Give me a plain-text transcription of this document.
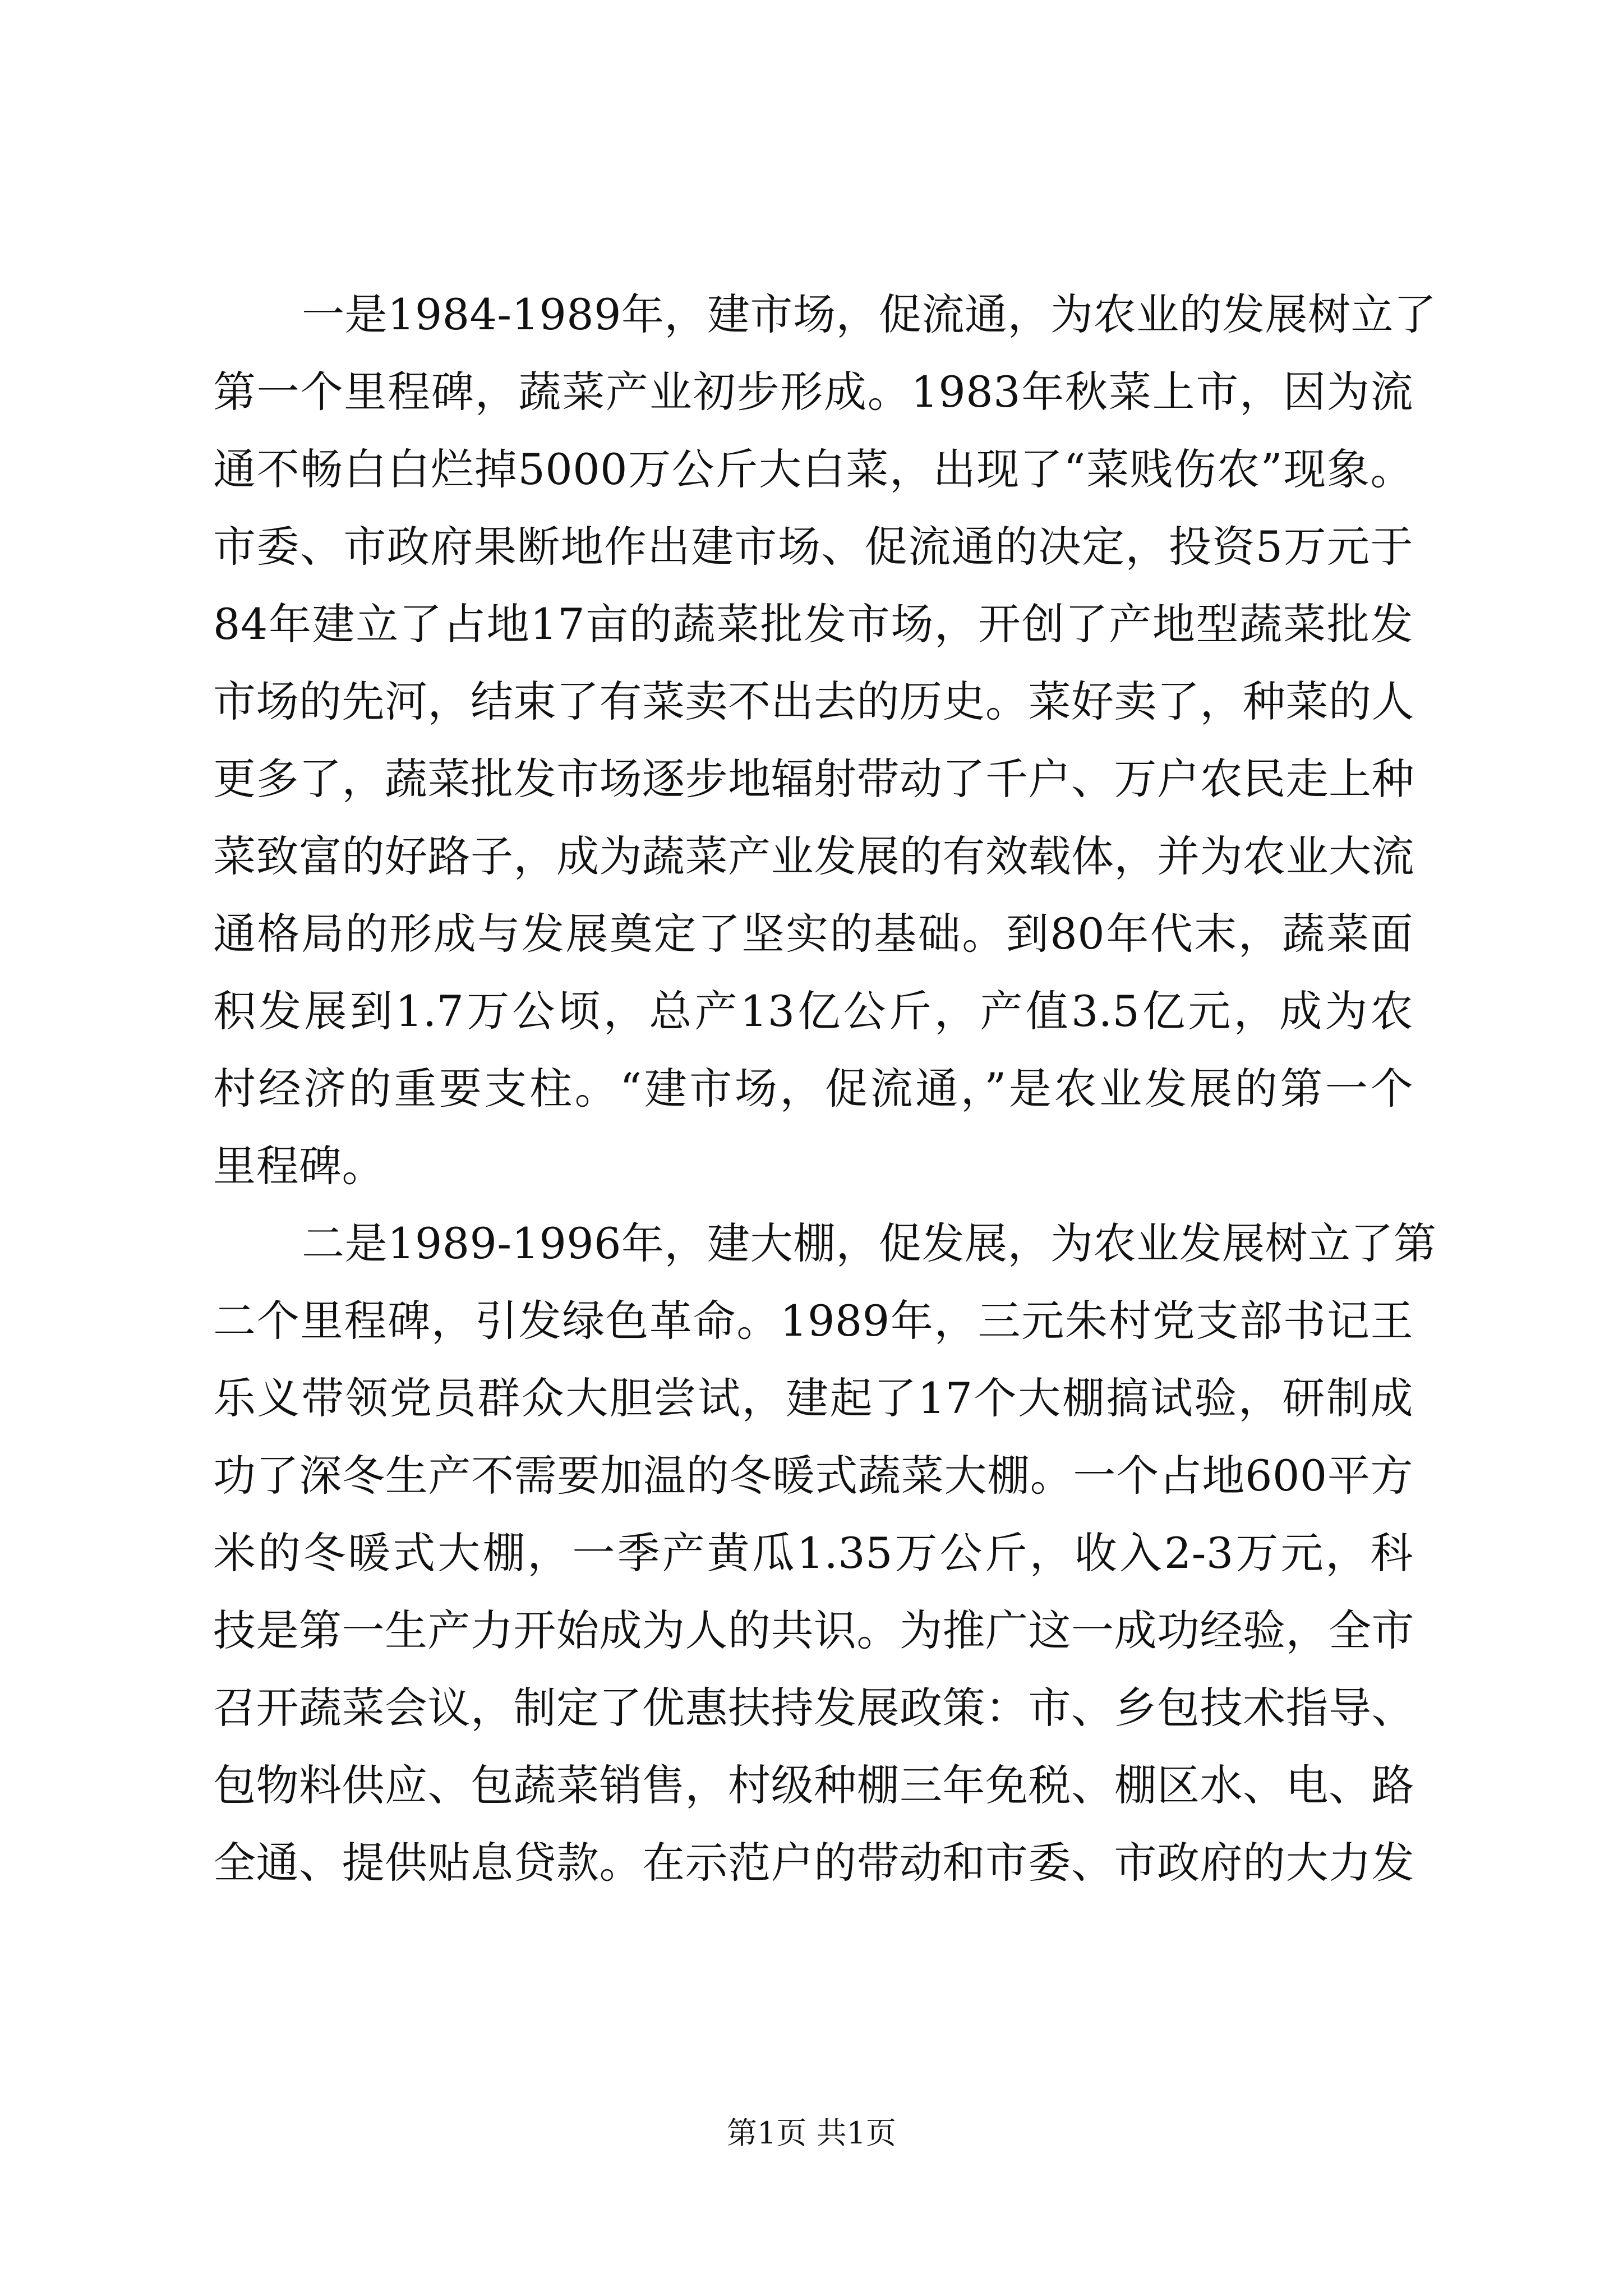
一是1984-1989年，建市场，促流通，为农业的发展树立了
第一个里程碑，蔬菜产业初步形成。1983年秋菜上市，因为流
通不畅白白烂掉5000万公斤大白菜，出现了“菜贱伤农”现象。
市委、市政府果断地作出建市场、促流通的决定，投资5万元于
84年建立了占地17亩的蔬菜批发市场，开创了产地型蔬菜批发
市场的先河，结束了有菜卖不出去的历史。菜好卖了，种菜的人
更多了，蔬菜批发市场逐步地辐射带动了千户、万户农民走上种
菜致富的好路子，成为蔬菜产业发展的有效载体，并为农业大流
通格局的形成与发展奠定了坚实的基础。到80年代末，蔬菜面
积发展到1.7万公顷，总产13亿公斤，产值3.5亿元，成为农
村经济的重要支柱。“建市场，促流通，”是农业发展的第一个
里程碑。
二是1989-1996年，建大棚，促发展，为农业发展树立了第
二个里程碑，引发绿色革命。1989年，三元朱村党支部书记王
乐义带领党员群众大胆尝试，建起了17个大棚搞试验，研制成
功了深冬生产不需要加温的冬暖式蔬菜大棚。一个占地600平方
米的冬暖式大棚，一季产黄瓜1.35万公斤，收入2-3万元，科
技是第一生产力开始成为人的共识。为推广这一成功经验，全市
召开蔬菜会议，制定了优惠扶持发展政策：市、乡包技术指导、
包物料供应、包蔬菜销售，村级种棚三年免税、棚区水、电、路
全通、提供贴息贷款。在示范户的带动和市委、市政府的大力发
第1页 共1页
